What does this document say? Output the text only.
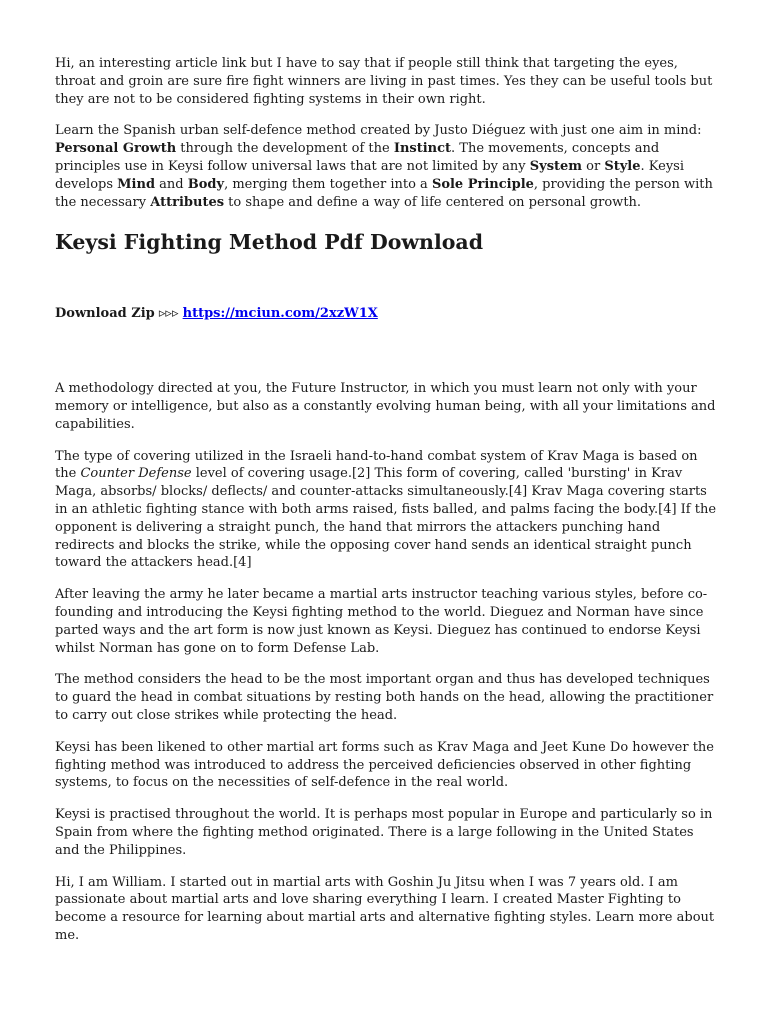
Hi, an interesting article link but I have to say that if people still think that targeting the eyes, throat and groin are sure fire fight winners are living in past times. Yes they can be useful tools but they are not to be considered fighting systems in their own right.

Learn the Spanish urban self-defence method created by Justo Diéguez with just one aim in mind: Personal Growth through the development of the Instinct. The movements, concepts and principles use in Keysi follow universal laws that are not limited by any System or Style. Keysi develops Mind and Body, merging them together into a Sole Principle, providing the person with the necessary Attributes to shape and define a way of life centered on personal growth.

Keysi Fighting Method Pdf Download
Download Zip ▹▹▹ https://mciun.com/2xzW1X

A methodology directed at you, the Future Instructor, in which you must learn not only with your memory or intelligence, but also as a constantly evolving human being, with all your limitations and capabilities.

The type of covering utilized in the Israeli hand-to-hand combat system of Krav Maga is based on the Counter Defense level of covering usage.[2] This form of covering, called 'bursting' in Krav Maga, absorbs/ blocks/ deflects/ and counter-attacks simultaneously.[4] Krav Maga covering starts in an athletic fighting stance with both arms raised, fists balled, and palms facing the body.[4] If the opponent is delivering a straight punch, the hand that mirrors the attackers punching hand redirects and blocks the strike, while the opposing cover hand sends an identical straight punch toward the attackers head.[4]

After leaving the army he later became a martial arts instructor teaching various styles, before co-founding and introducing the Keysi fighting method to the world. Dieguez and Norman have since parted ways and the art form is now just known as Keysi. Dieguez has continued to endorse Keysi whilst Norman has gone on to form Defense Lab.

The method considers the head to be the most important organ and thus has developed techniques to guard the head in combat situations by resting both hands on the head, allowing the practitioner to carry out close strikes while protecting the head.

Keysi has been likened to other martial art forms such as Krav Maga and Jeet Kune Do however the fighting method was introduced to address the perceived deficiencies observed in other fighting systems, to focus on the necessities of self-defence in the real world.

Keysi is practised throughout the world. It is perhaps most popular in Europe and particularly so in Spain from where the fighting method originated. There is a large following in the United States and the Philippines.

Hi, I am William. I started out in martial arts with Goshin Ju Jitsu when I was 7 years old. I am passionate about martial arts and love sharing everything I learn. I created Master Fighting to become a resource for learning about martial arts and alternative fighting styles. Learn more about me.
